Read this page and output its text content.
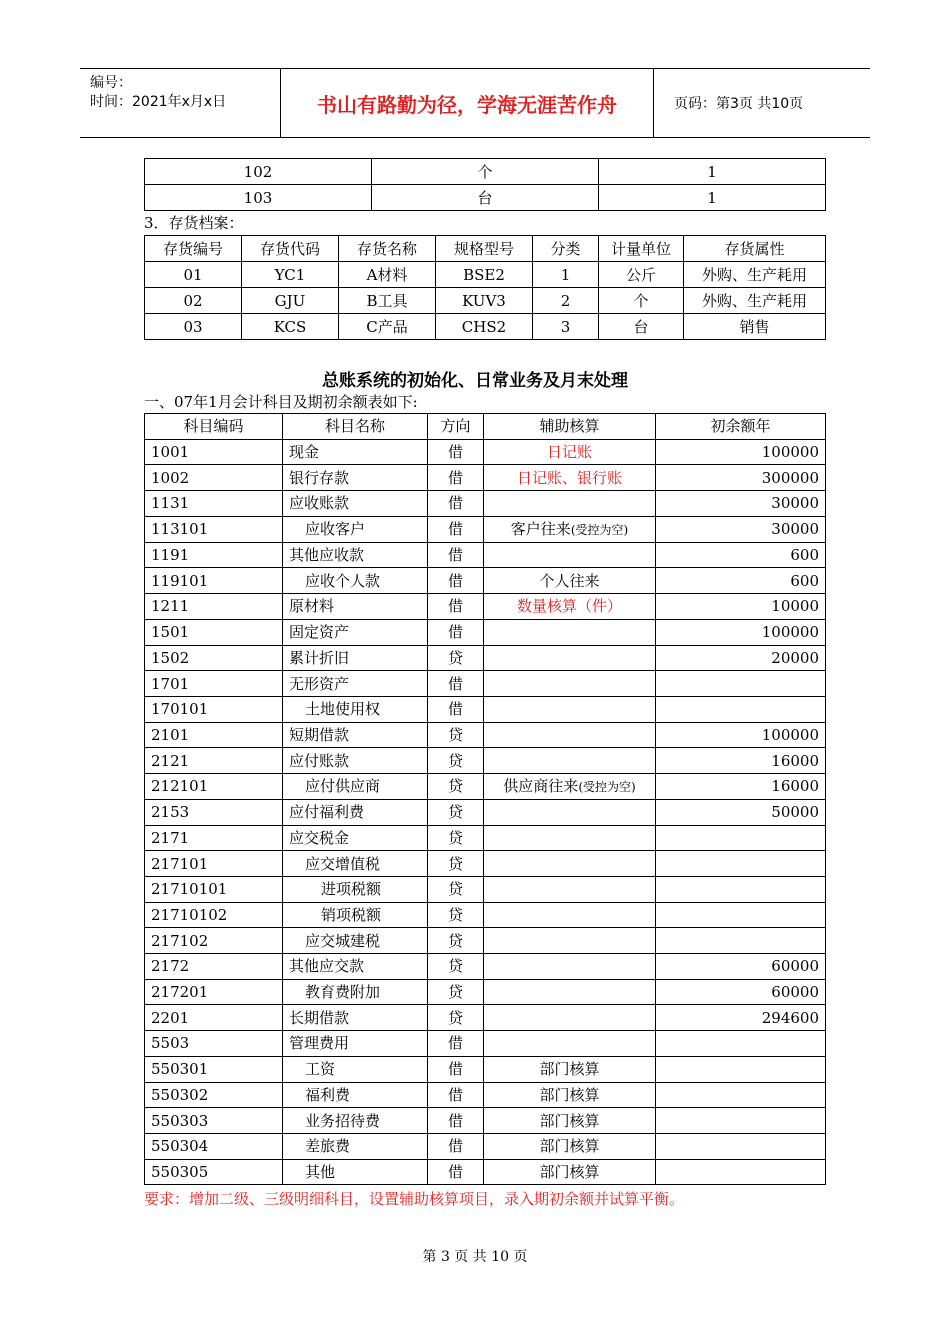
编号：
时间：2021年x月x日	书山有路勤为径，学海无涯苦作舟	页码：第3页 共10页
102	个	1
103	台	1
3．存货档案：
存货编号	存货代码	存货名称	规格型号	分类	计量单位	存货属性
01	YC1	A材料	BSE2	1	公斤	外购、生产耗用
02	GJU	B工具	KUV3	2	个	外购、生产耗用
03	KCS	C产品	CHS2	3	台	销售
总账系统的初始化、日常业务及月末处理
一、07年1月会计科目及期初余额表如下:
科目编码	科目名称	方向	辅助核算	初余额年
1001	现金	借	日记账	100000
1002	银行存款	借	日记账、银行账	300000
1131	应收账款	借		30000
113101	应收客户	借	客户往来(受控为空)	30000
1191	其他应收款	借		600
119101	应收个人款	借	个人往来	600
1211	原材料	借	数量核算（件）	10000
1501	固定资产	借		100000
1502	累计折旧	贷		20000
1701	无形资产	借		
170101	土地使用权	借		
2101	短期借款	贷		100000
2121	应付账款	贷		16000
212101	应付供应商	贷	供应商往来(受控为空)	16000
2153	应付福利费	贷		50000
2171	应交税金	贷		
217101	应交增值税	贷		
21710101	进项税额	贷		
21710102	销项税额	贷		
217102	应交城建税	贷		
2172	其他应交款	贷		60000
217201	教育费附加	贷		60000
2201	长期借款	贷		294600
5503	管理费用	借		
550301	工资	借	部门核算	
550302	福利费	借	部门核算	
550303	业务招待费	借	部门核算	
550304	差旅费	借	部门核算	
550305	其他	借	部门核算	
要求：增加二级、三级明细科目，设置辅助核算项目，录入期初余额并试算平衡。
第 3 页 共 10 页
